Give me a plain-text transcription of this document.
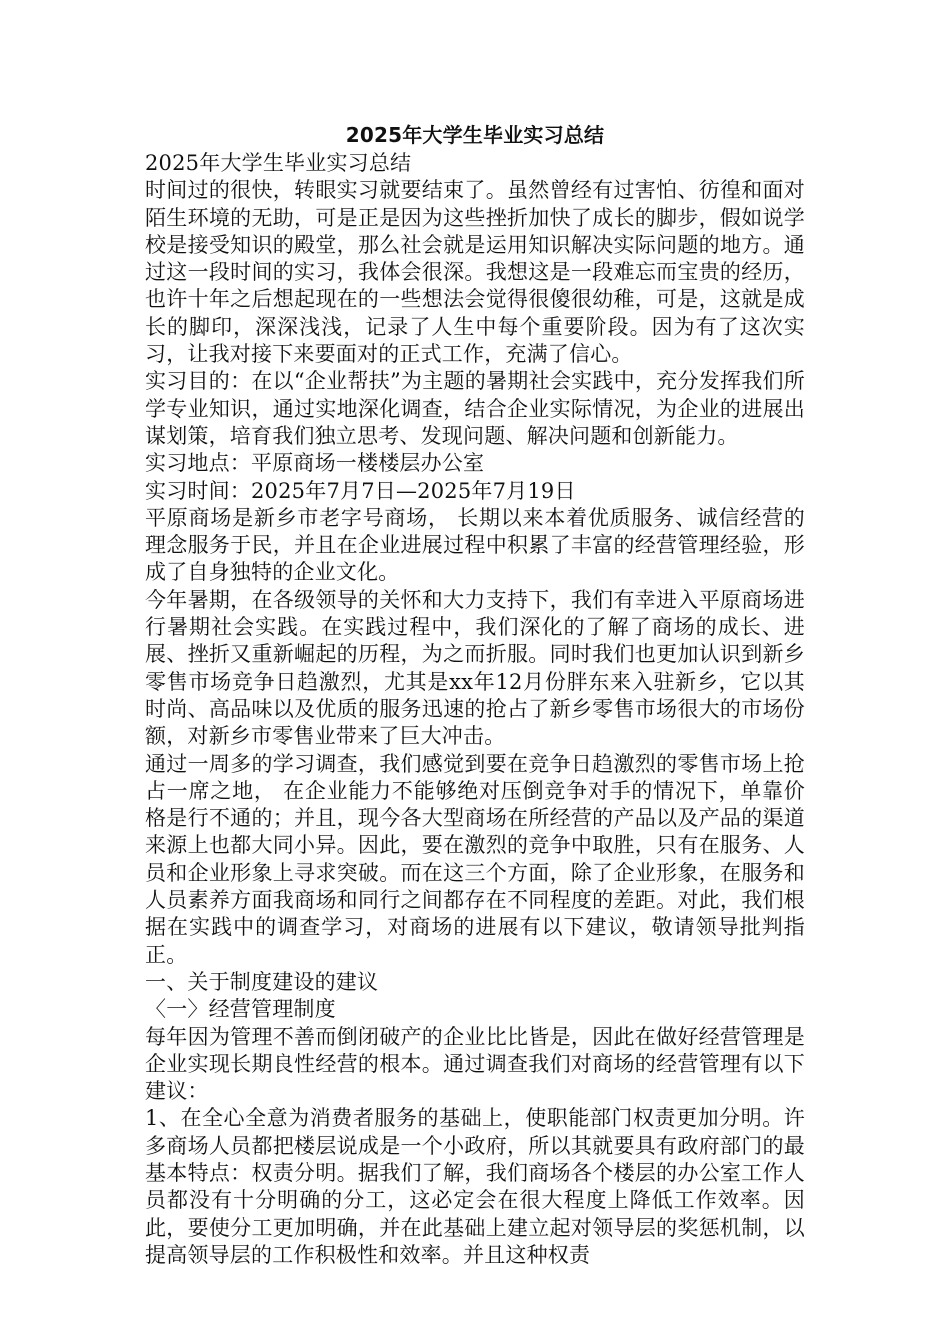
2025年大学生毕业实习总结

2025年大学生毕业实习总结

时间过的很快，转眼实习就要结束了。虽然曾经有过害怕、彷徨和面对陌生环境的无助，可是正是因为这些挫折加快了成长的脚步，假如说学校是接受知识的殿堂，那么社会就是运用知识解决实际问题的地方。通过这一段时间的实习，我体会很深。我想这是一段难忘而宝贵的经历，也许十年之后想起现在的一些想法会觉得很傻很幼稚，可是，这就是成长的脚印，深深浅浅，记录了人生中每个重要阶段。因为有了这次实习，让我对接下来要面对的正式工作，充满了信心。

实习目的：在以“企业帮扶”为主题的暑期社会实践中，充分发挥我们所学专业知识，通过实地深化调查，结合企业实际情况，为企业的进展出谋划策，培育我们独立思考、发现问题、解决问题和创新能力。

实习地点：平原商场一楼楼层办公室

实习时间：2025年7月7日—2025年7月19日

平原商场是新乡市老字号商场， 长期以来本着优质服务、诚信经营的理念服务于民，并且在企业进展过程中积累了丰富的经营管理经验，形成了自身独特的企业文化。

今年暑期，在各级领导的关怀和大力支持下，我们有幸进入平原商场进行暑期社会实践。在实践过程中，我们深化的了解了商场的成长、进展、挫折又重新崛起的历程，为之而折服。同时我们也更加认识到新乡零售市场竞争日趋激烈，尤其是xx年12月份胖东来入驻新乡，它以其时尚、高品味以及优质的服务迅速的抢占了新乡零售市场很大的市场份额，对新乡市零售业带来了巨大冲击。

通过一周多的学习调查，我们感觉到要在竞争日趋激烈的零售市场上抢占一席之地， 在企业能力不能够绝对压倒竞争对手的情况下，单靠价格是行不通的；并且，现今各大型商场在所经营的产品以及产品的渠道来源上也都大同小异。因此，要在激烈的竞争中取胜，只有在服务、人员和企业形象上寻求突破。而在这三个方面，除了企业形象，在服务和人员素养方面我商场和同行之间都存在不同程度的差距。对此，我们根据在实践中的调查学习，对商场的进展有以下建议，敬请领导批判指正。

一、关于制度建设的建议

〈一〉经营管理制度

每年因为管理不善而倒闭破产的企业比比皆是，因此在做好经营管理是企业实现长期良性经营的根本。通过调查我们对商场的经营管理有以下建议：

1、在全心全意为消费者服务的基础上，使职能部门权责更加分明。许多商场人员都把楼层说成是一个小政府，所以其就要具有政府部门的最基本特点：权责分明。据我们了解，我们商场各个楼层的办公室工作人员都没有十分明确的分工，这必定会在很大程度上降低工作效率。因此，要使分工更加明确，并在此基础上建立起对领导层的奖惩机制，以提高领导层的工作积极性和效率。并且这种权责
